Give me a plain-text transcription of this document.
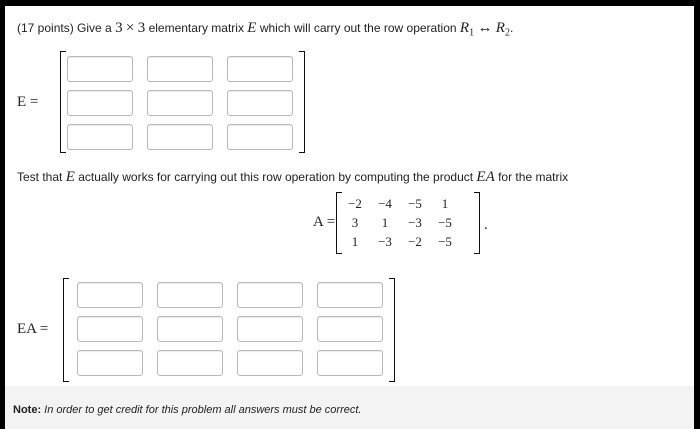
(17 points) Give a 3 × 3 elementary matrix E which will carry out the row operation $R_1$ ↔ $R_2$.
E =
Test that E actually works for carrying out this row operation by computing the product EA for the matrix
A =
−2	−4	−5	1
3	1	−3	−5
1	−3	−2	−5
.
EA =
Note: In order to get credit for this problem all answers must be correct.
